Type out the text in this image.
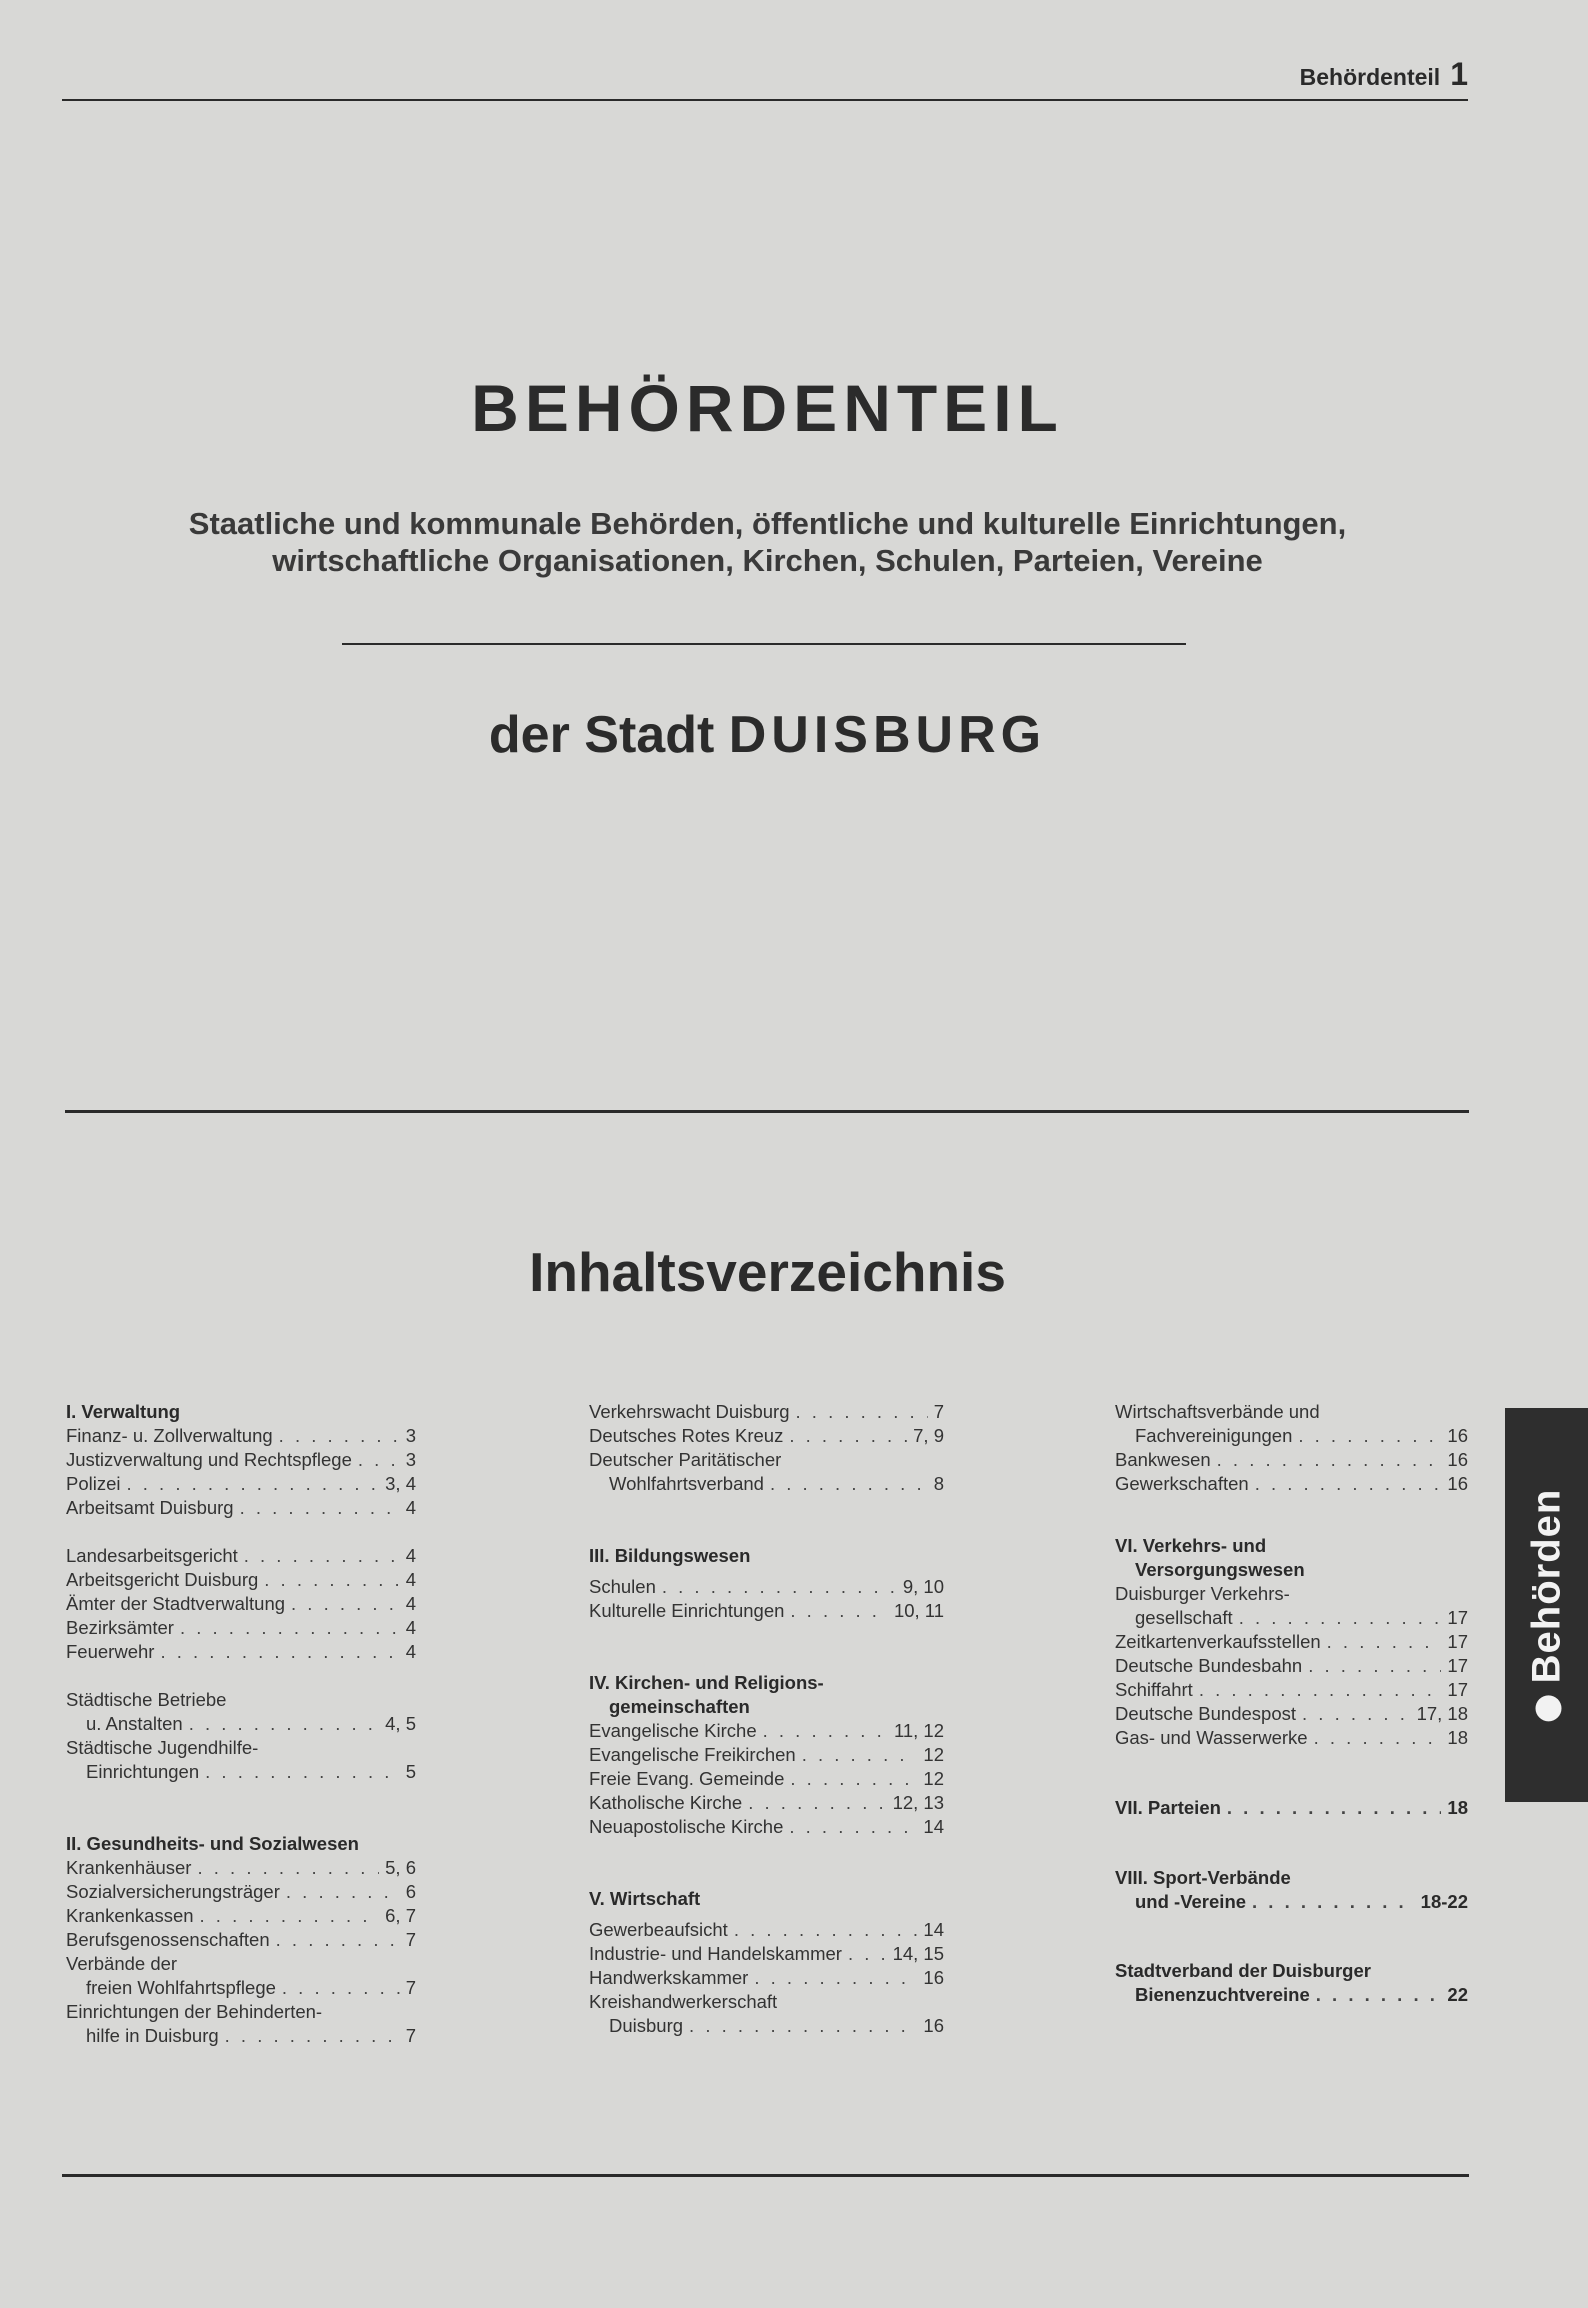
Behördenteil 1
BEHÖRDENTEIL
Staatliche und kommunale Behörden, öffentliche und kulturelle Einrichtungen,
wirtschaftliche Organisationen, Kirchen, Schulen, Parteien, Vereine
der Stadt DUISBURG
Inhaltsverzeichnis
I. Verwaltung
Finanz- u. Zollverwaltung . . .	3
Justizverwaltung und Rechtspflege . . .	3
Polizei . . .	3, 4
Arbeitsamt Duisburg . . .	4
Landesarbeitsgericht . . .	4
Arbeitsgericht Duisburg . . .	4
Ämter der Stadtverwaltung . . .	4
Bezirksämter . . .	4
Feuerwehr . . .	4
Städtische Betriebe
u. Anstalten . . .	4, 5
Städtische Jugendhilfe-
Einrichtungen . . .	5
II. Gesundheits- und Sozialwesen
Krankenhäuser . . .	5, 6
Sozialversicherungsträger . . .	6
Krankenkassen . . .	6, 7
Berufsgenossenschaften . . .	7
Verbände der
freien Wohlfahrtspflege . . .	7
Einrichtungen der Behinderten-
hilfe in Duisburg . . .	7
Verkehrswacht Duisburg . . .	7
Deutsches Rotes Kreuz . . .	7, 9
Deutscher Paritätischer
Wohlfahrtsverband . . .	8
III. Bildungswesen
Schulen . . .	9, 10
Kulturelle Einrichtungen . . .	10, 11
IV. Kirchen- und Religions-
gemeinschaften
Evangelische Kirche . . .	11, 12
Evangelische Freikirchen . . .	12
Freie Evang. Gemeinde . . .	12
Katholische Kirche . . .	12, 13
Neuapostolische Kirche . . .	14
V. Wirtschaft
Gewerbeaufsicht . . .	14
Industrie- und Handelskammer . . .	14, 15
Handwerkskammer . . .	16
Kreishandwerkerschaft
Duisburg . . .	16
Wirtschaftsverbände und
Fachvereinigungen . . .	16
Bankwesen . . .	16
Gewerkschaften . . .	16
VI. Verkehrs- und
Versorgungswesen
Duisburger Verkehrs-
gesellschaft . . .	17
Zeitkartenverkaufsstellen . . .	17
Deutsche Bundesbahn . . .	17
Schiffahrt . . .	17
Deutsche Bundespost . . .	17, 18
Gas- und Wasserwerke . . .	18
VII. Parteien . . .	18
VIII. Sport-Verbände
und -Vereine . . .	18-22
Stadtverband der Duisburger
Bienenzuchtvereine . . .	22
Behörden
